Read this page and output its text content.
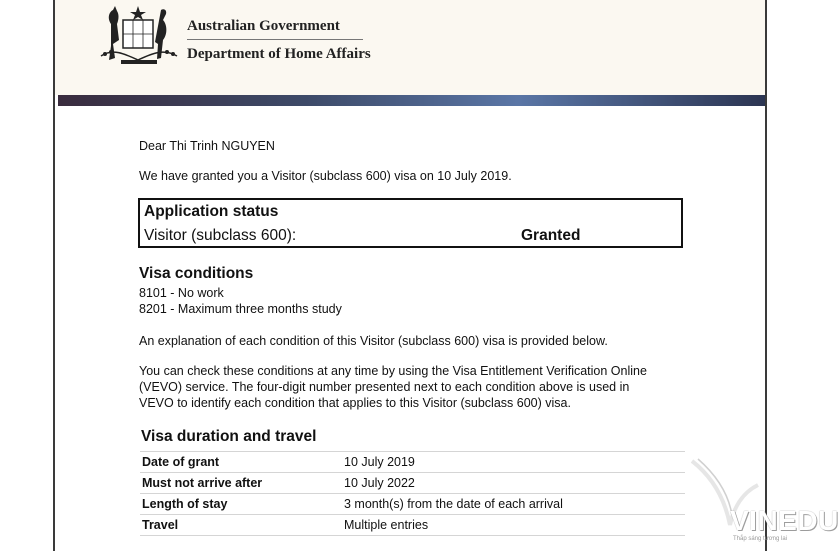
Australian Government
Department of Home Affairs
Dear Thi Trinh NGUYEN
We have granted you a Visitor (subclass 600) visa on 10 July 2019.
Application status
Visitor (subclass 600):	Granted
Visa conditions
8101 - No work
8201 - Maximum three months study
An explanation of each condition of this Visitor (subclass 600) visa is provided below.
You can check these conditions at any time by using the Visa Entitlement Verification Online
(VEVO) service. The four-digit number presented next to each condition above is used in
VEVO to identify each condition that applies to this Visitor (subclass 600) visa.
Visa duration and travel
Date of grant	10 July 2019
Must not arrive after	10 July 2022
Length of stay	3 month(s) from the date of each arrival
Travel	Multiple entries	VINEDU
Thắp sáng tương lai
